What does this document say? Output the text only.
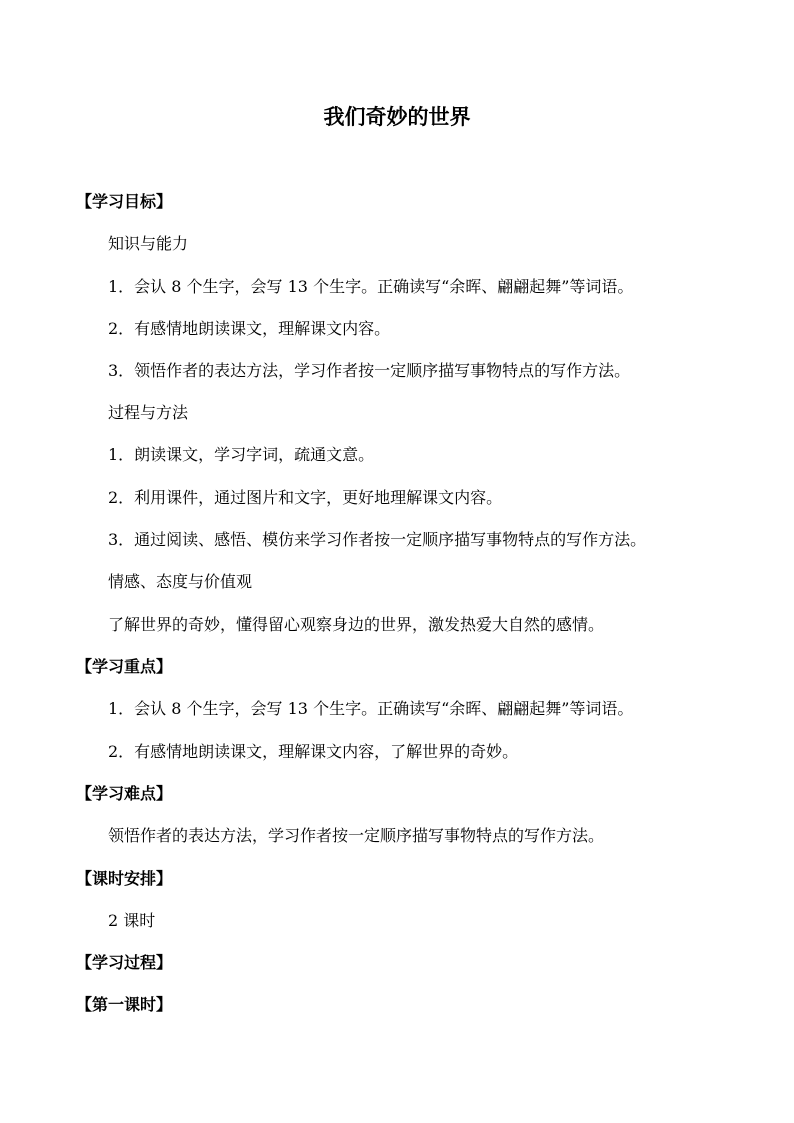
我们奇妙的世界
【学习目标】
知识与能力
1．会认 8 个生字，会写 13 个生字。正确读写“余晖、翩翩起舞”等词语。
2．有感情地朗读课文，理解课文内容。
3．领悟作者的表达方法，学习作者按一定顺序描写事物特点的写作方法。
过程与方法
1．朗读课文，学习字词，疏通文意。
2．利用课件，通过图片和文字，更好地理解课文内容。
3．通过阅读、感悟、模仿来学习作者按一定顺序描写事物特点的写作方法。
情感、态度与价值观
了解世界的奇妙，懂得留心观察身边的世界，激发热爱大自然的感情。
【学习重点】
1．会认 8 个生字，会写 13 个生字。正确读写“余晖、翩翩起舞”等词语。
2．有感情地朗读课文，理解课文内容，了解世界的奇妙。
【学习难点】
领悟作者的表达方法，学习作者按一定顺序描写事物特点的写作方法。
【课时安排】
2 课时
【学习过程】
【第一课时】
